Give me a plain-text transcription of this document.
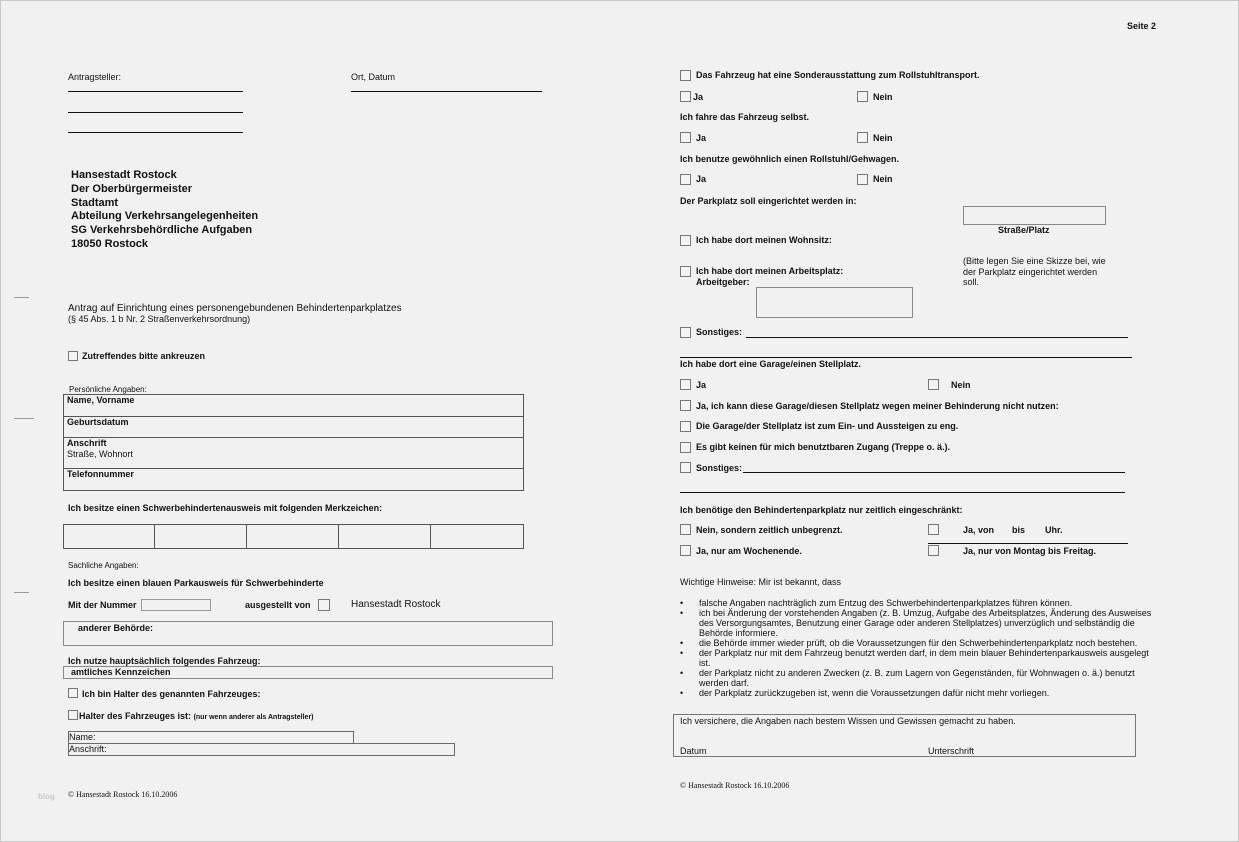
Antragsteller:	Ort, Datum
Hansestadt Rostock
Der Oberbürgermeister
Stadtamt
Abteilung Verkehrsangelegenheiten
SG Verkehrsbehördliche Aufgaben
18050 Rostock
Antrag auf Einrichtung eines personengebundenen Behindertenparkplatzes
(§ 45 Abs. 1 b Nr. 2 Straßenverkehrsordnung)
Zutreffendes bitte ankreuzen
Persönliche Angaben:
Name, Vorname
Geburtsdatum
Anschrift
Straße, Wohnort
Telefonnummer
Ich besitze einen Schwerbehindertenausweis mit folgenden Merkzeichen:
Sachliche Angaben:
Ich besitze einen blauen Parkausweis für Schwerbehinderte
Mit der Nummer	ausgestellt von	Hansestadt Rostock
anderer Behörde:
Ich nutze hauptsächlich folgendes Fahrzeug:
amtliches Kennzeichen
Ich bin Halter des genannten Fahrzeuges:
Halter des Fahrzeuges ist: (nur wenn anderer als Antragsteller)
Name:
Anschrift:
blog © Hansestadt Rostock 16.10.2006
Seite 2
Das Fahrzeug hat eine Sonderausstattung zum Rollstuhltransport.
Ja	Nein
Ich fahre das Fahrzeug selbst.
Ja	Nein
Ich benutze gewöhnlich einen Rollstuhl/Gehwagen.
Ja	Nein
Der Parkplatz soll eingerichtet werden in:
Straße/Platz
Ich habe dort meinen Wohnsitz:
Ich habe dort meinen Arbeitsplatz:
Arbeitgeber:
(Bitte legen Sie eine Skizze bei, wie
der Parkplatz eingerichtet werden
soll.
Sonstiges:
Ich habe dort eine Garage/einen Stellplatz.
Ja	Nein
Ja, ich kann diese Garage/diesen Stellplatz wegen meiner Behinderung nicht nutzen:
Die Garage/der Stellplatz ist zum Ein- und Aussteigen zu eng.
Es gibt keinen für mich benutztbaren Zugang (Treppe o. ä.).
Sonstiges:
Ich benötige den Behindertenparkplatz nur zeitlich eingeschränkt:
Nein, sondern zeitlich unbegrenzt.	Ja, von bis Uhr.
Ja, nur am Wochenende.	Ja, nur von Montag bis Freitag.
Wichtige Hinweise: Mir ist bekannt, dass
• falsche Angaben nachträglich zum Entzug des Schwerbehindertenparkplatzes führen können.
• ich bei Änderung der vorstehenden Angaben (z. B. Umzug, Aufgabe des Arbeitsplatzes, Änderung des Ausweises des Versorgungsamtes, Benutzung einer Garage oder anderen Stellplatzes) unverzüglich und selbständig die Behörde informiere.
• die Behörde immer wieder prüft, ob die Voraussetzungen für den Schwerbehindertenparkplatz noch bestehen.
• der Parkplatz nur mit dem Fahrzeug benutzt werden darf, in dem mein blauer Behindertenparkausweis ausgelegt ist.
• der Parkplatz nicht zu anderen Zwecken (z. B. zum Lagern von Gegenständen, für Wohnwagen o. ä.) benutzt werden darf.
• der Parkplatz zurückzugeben ist, wenn die Voraussetzungen dafür nicht mehr vorliegen.
Ich versichere, die Angaben nach bestem Wissen und Gewissen gemacht zu haben.
Datum	Unterschrift
© Hansestadt Rostock 16.10.2006
